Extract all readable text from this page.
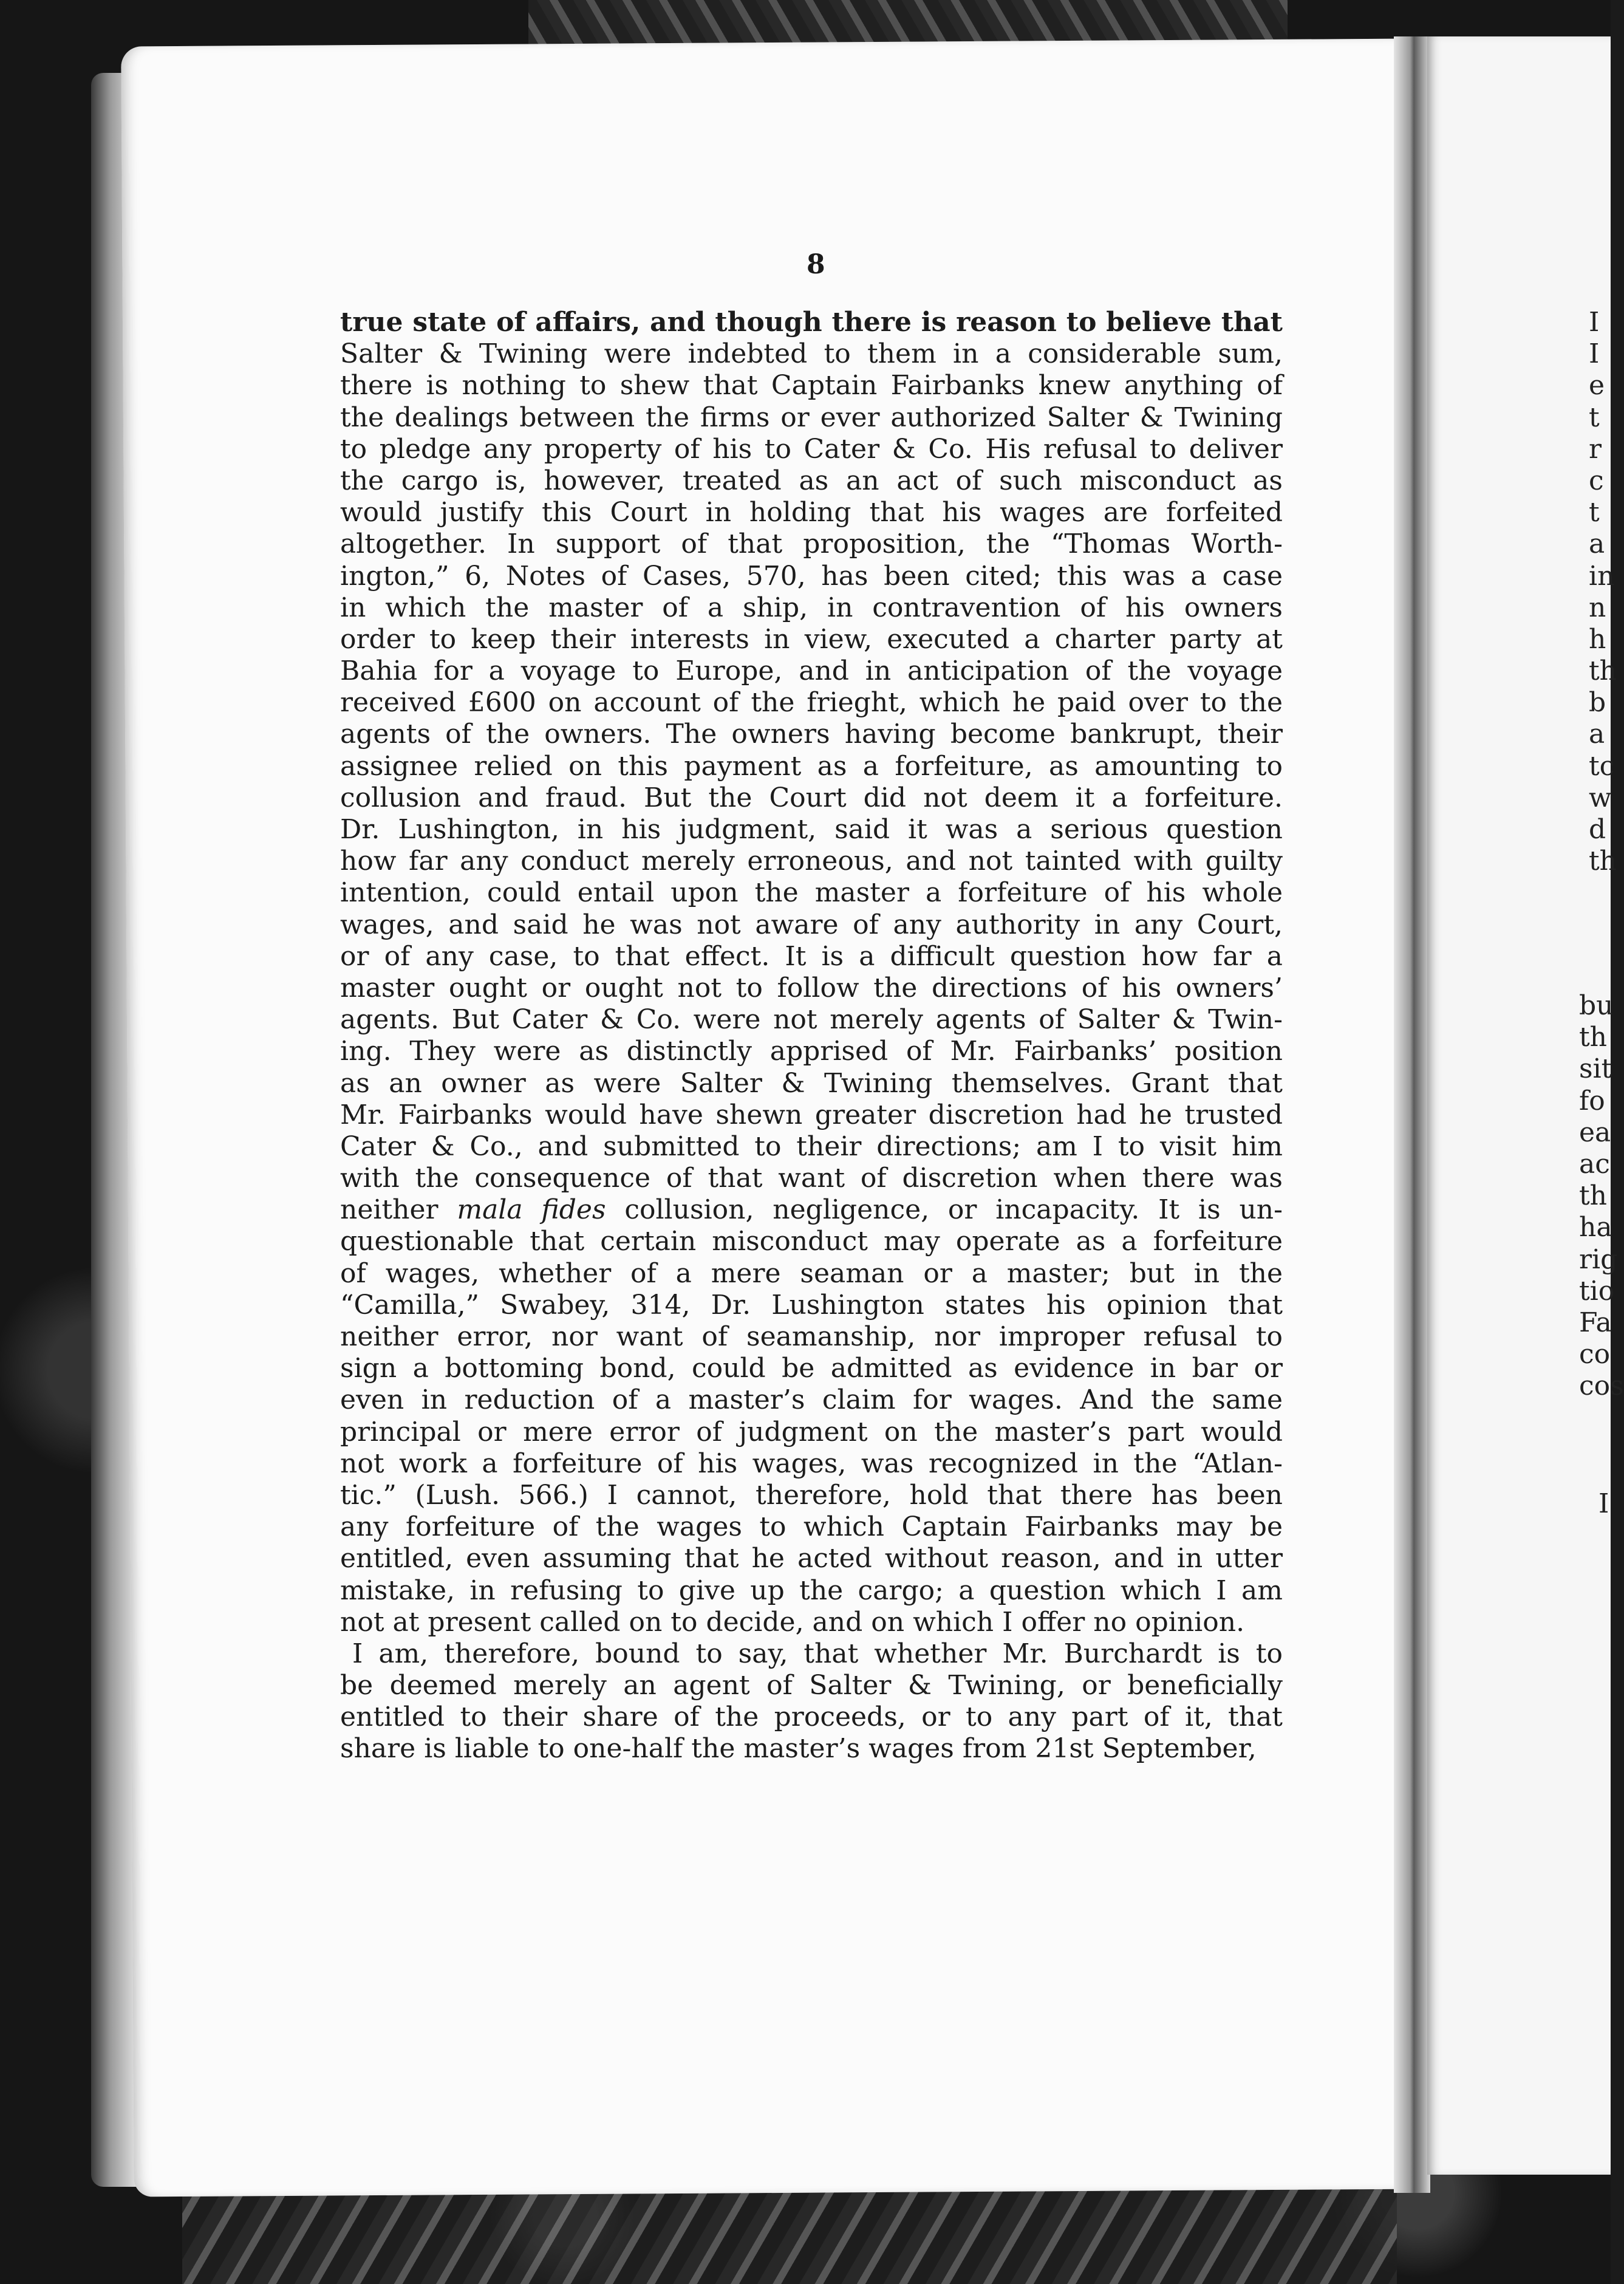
8
true state of affairs, and though there is reason to believe that
Salter & Twining were indebted to them in a considerable sum,
there is nothing to shew that Captain Fairbanks knew anything of
the dealings between the firms or ever authorized Salter & Twining
to pledge any property of his to Cater & Co. His refusal to deliver
the cargo is, however, treated as an act of such misconduct as
would justify this Court in holding that his wages are forfeited
altogether. In support of that proposition, the “Thomas Worth-
ington,” 6, Notes of Cases, 570, has been cited; this was a case
in which the master of a ship, in contravention of his owners
order to keep their interests in view, executed a charter party at
Bahia for a voyage to Europe, and in anticipation of the voyage
received £600 on account of the frieght, which he paid over to the
agents of the owners. The owners having become bankrupt, their
assignee relied on this payment as a forfeiture, as amounting to
collusion and fraud. But the Court did not deem it a forfeiture.
Dr. Lushington, in his judgment, said it was a serious question
how far any conduct merely erroneous, and not tainted with guilty
intention, could entail upon the master a forfeiture of his whole
wages, and said he was not aware of any authority in any Court,
or of any case, to that effect. It is a difficult question how far a
master ought or ought not to follow the directions of his owners’
agents. But Cater & Co. were not merely agents of Salter & Twin-
ing. They were as distinctly apprised of Mr. Fairbanks’ position
as an owner as were Salter & Twining themselves. Grant that
Mr. Fairbanks would have shewn greater discretion had he trusted
Cater & Co., and submitted to their directions; am I to visit him
with the consequence of that want of discretion when there was
neither mala fides collusion, negligence, or incapacity. It is un-
questionable that certain misconduct may operate as a forfeiture
of wages, whether of a mere seaman or a master; but in the
“Camilla,” Swabey, 314, Dr. Lushington states his opinion that
neither error, nor want of seamanship, nor improper refusal to
sign a bottoming bond, could be admitted as evidence in bar or
even in reduction of a master’s claim for wages. And the same
principal or mere error of judgment on the master’s part would
not work a forfeiture of his wages, was recognized in the “Atlan-
tic.” (Lush. 566.) I cannot, therefore, hold that there has been
any forfeiture of the wages to which Captain Fairbanks may be
entitled, even assuming that he acted without reason, and in utter
mistake, in refusing to give up the cargo; a question which I am
not at present called on to decide, and on which I offer no opinion.
I am, therefore, bound to say, that whether Mr. Burchardt is to
be deemed merely an agent of Salter & Twining, or beneficially
entitled to their share of the proceeds, or to any part of it, that
share is liable to one-half the master’s wages from 21st September,
I
I
e
t
r
c
t
a
in
n
h
th
b
a
tc
w
d
th
bu
th
sit
fo
ea
ac
th
ha
rig
tio
Fa
co
cos
I
